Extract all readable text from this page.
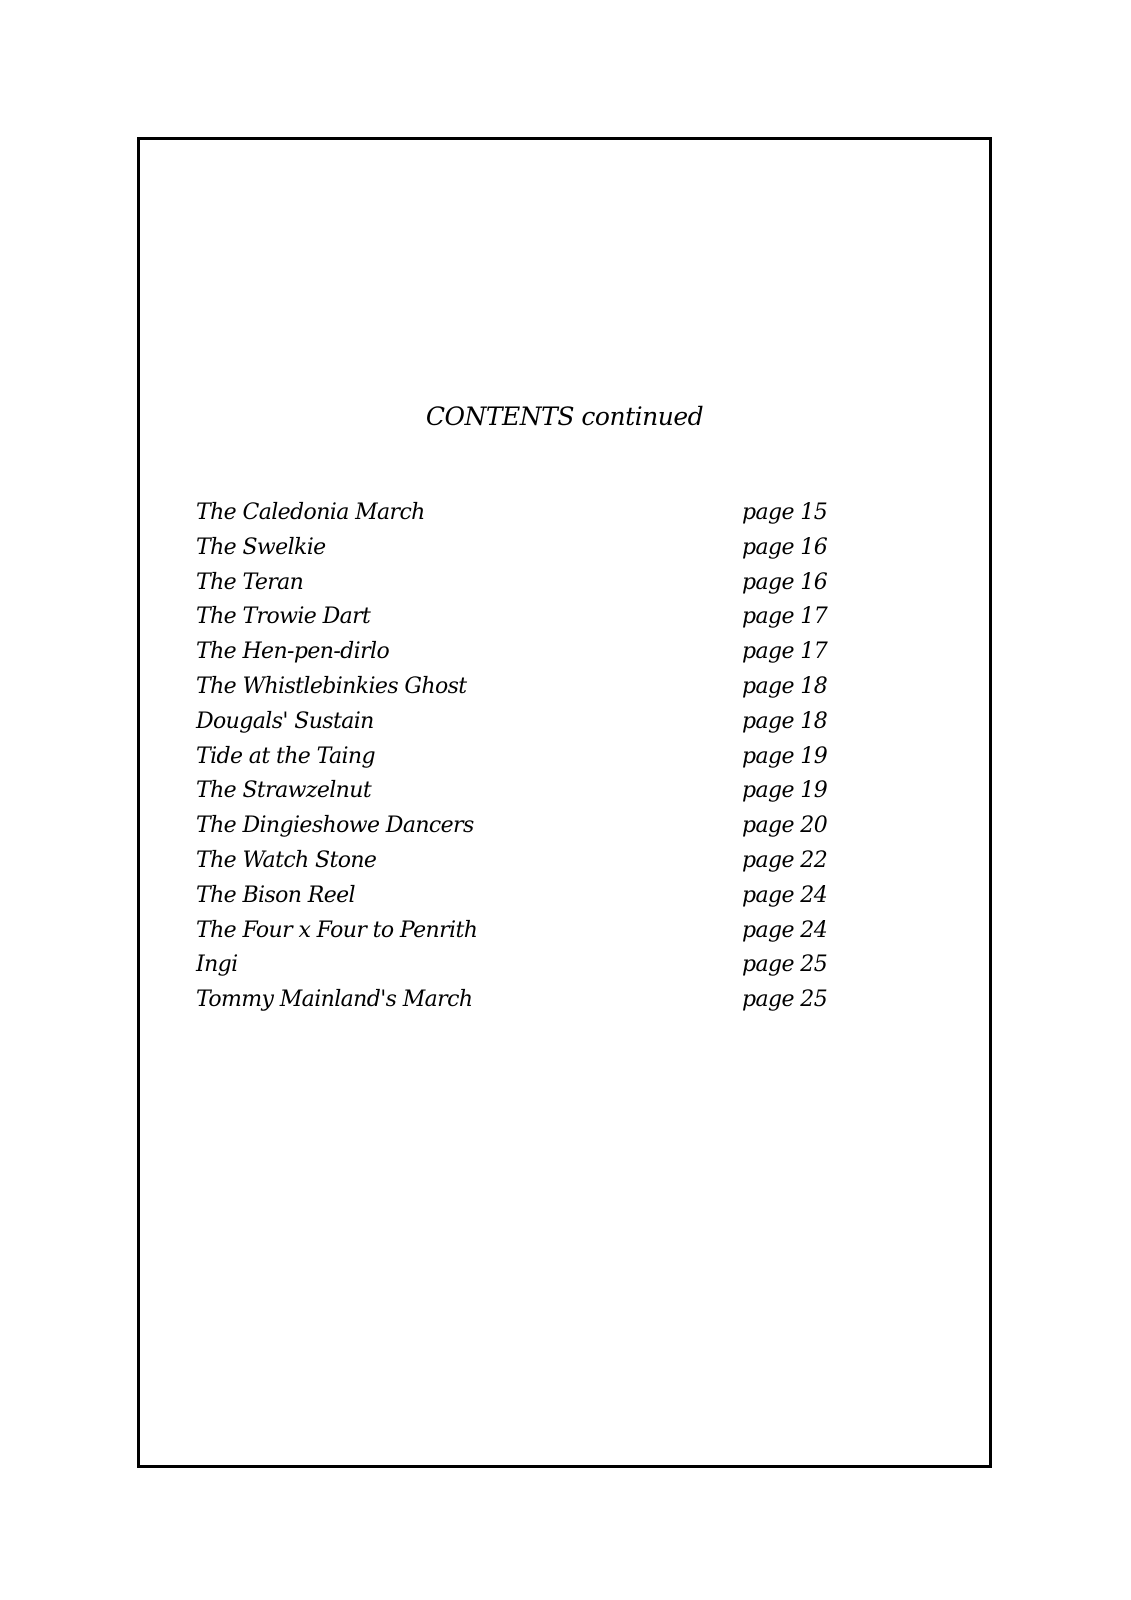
CONTENTS continued
The Caledonia March	page 15
The Swelkie	page 16
The Teran	page 16
The Trowie Dart	page 17
The Hen-pen-dirlo	page 17
The Whistlebinkies Ghost	page 18
Dougals' Sustain	page 18
Tide at the Taing	page 19
The Strawzelnut	page 19
The Dingieshowe Dancers	page 20
The Watch Stone	page 22
The Bison Reel	page 24
The Four x Four to Penrith	page 24
Ingi	page 25
Tommy Mainland's March	page 25
